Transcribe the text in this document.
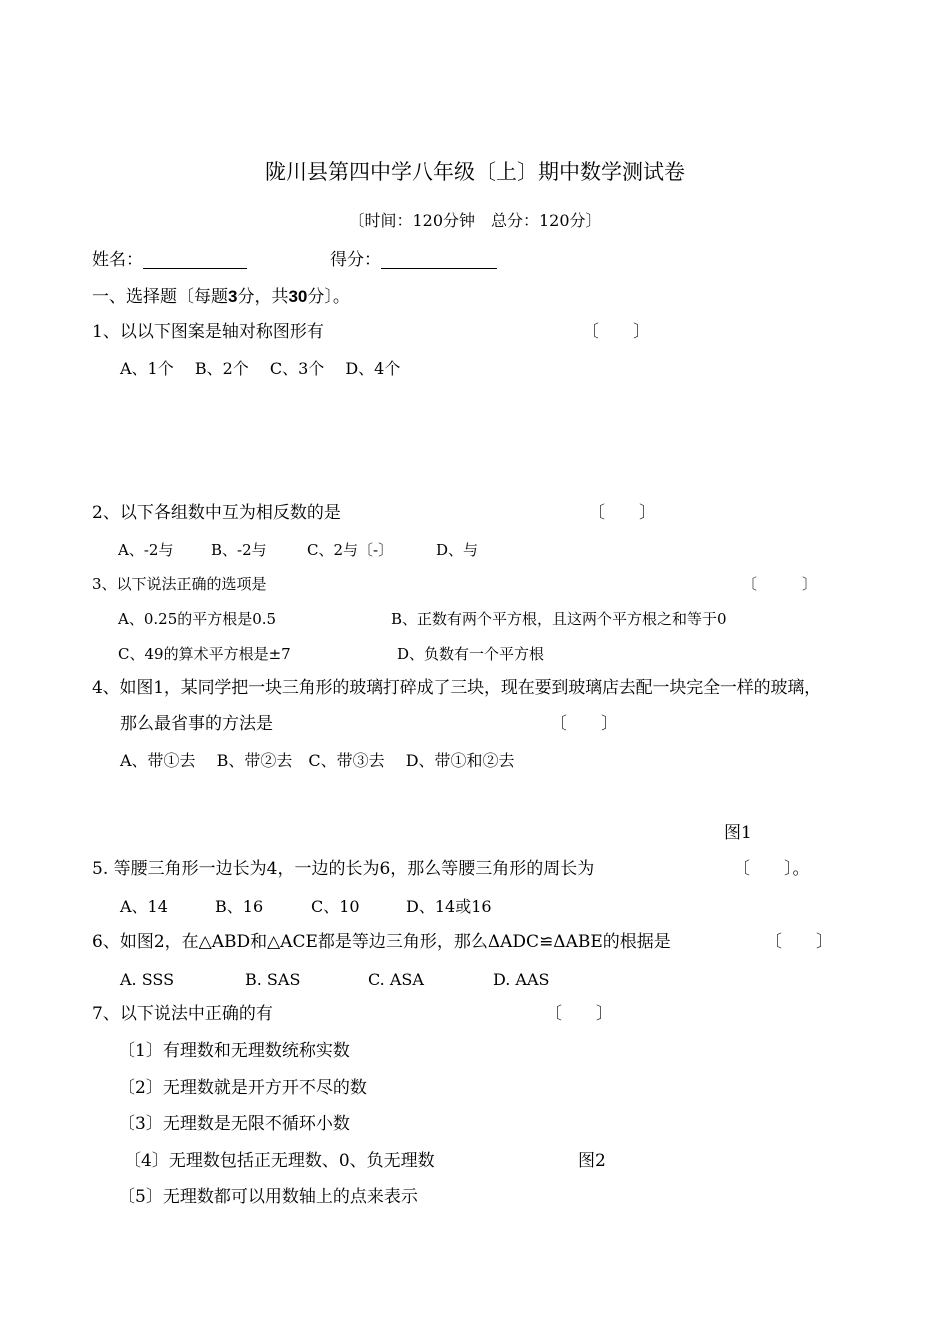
陇川县第四中学八年级〔上〕期中数学测试卷
〔时间：120分钟　总分：120分〕
姓名：	得分：
一、选择题〔每题3分，共30分〕。
1、以以下图案是轴对称图形有	〔　　〕
A、1个　 B、2个　 C、3个　 D、4个
2、以下各组数中互为相反数的是	〔　　〕
A、-2与	B、-2与	C、2与〔-〕	D、与
3、以下说法正确的选项是	〔　　　〕
A、0.25的平方根是0.5	B、正数有两个平方根，且这两个平方根之和等于0
C、49的算术平方根是±7	D、负数有一个平方根
4、如图1，某同学把一块三角形的玻璃打碎成了三块，现在要到玻璃店去配一块完全一样的玻璃，
那么最省事的方法是	〔　　〕
A、带①去　 B、带②去　C、带③去　 D、带①和②去
图1
5. 等腰三角形一边长为4，一边的长为6，那么等腰三角形的周长为	〔　　〕。
A、14	B、16	C、10	D、14或16
6、如图2，在△ABD和△ACE都是等边三角形，那么ΔADC≌ΔABE的根据是	〔　　〕
A. SSS	B. SAS	C. ASA	D. AAS
7、以下说法中正确的有	〔　　〕
〔1〕有理数和无理数统称实数
〔2〕无理数就是开方开不尽的数
〔3〕无理数是无限不循环小数
〔4〕无理数包括正无理数、0、负无理数	图2
〔5〕无理数都可以用数轴上的点来表示
